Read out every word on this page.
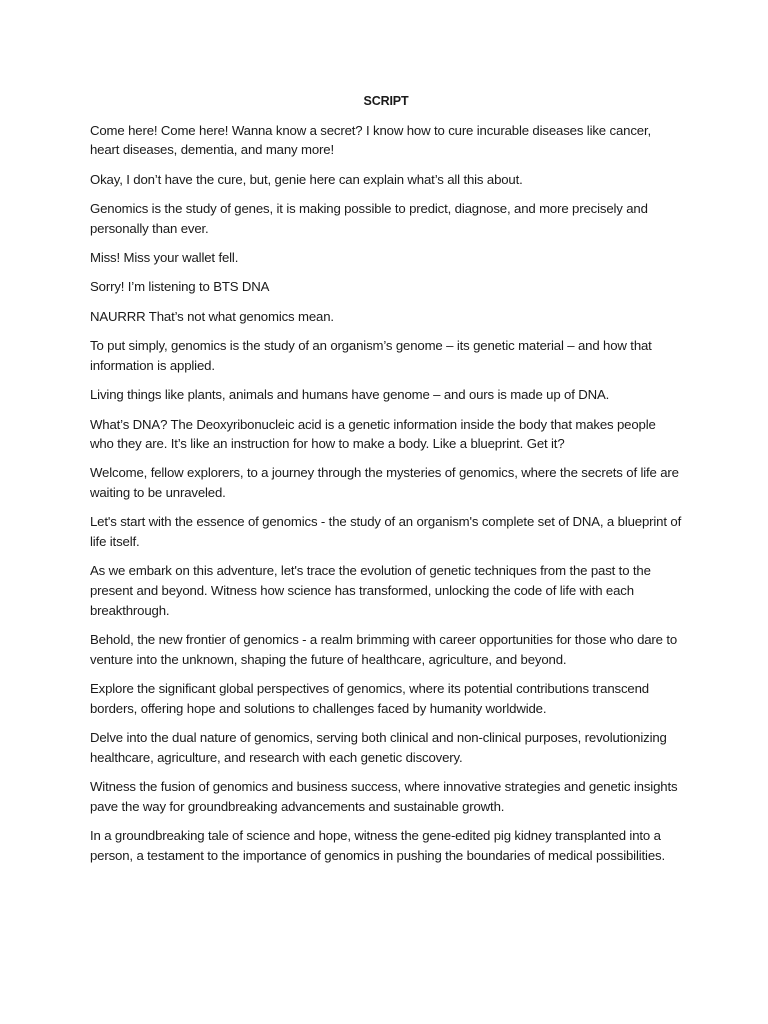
SCRIPT

Come here! Come here! Wanna know a secret? I know how to cure incurable diseases like cancer, heart diseases, dementia, and many more!

Okay, I don’t have the cure, but, genie here can explain what’s all this about.

Genomics is the study of genes, it is making possible to predict, diagnose, and more precisely and personally than ever.

Miss! Miss your wallet fell.

Sorry! I’m listening to BTS DNA

NAURRR That’s not what genomics mean.

To put simply, genomics is the study of an organism’s genome – its genetic material – and how that information is applied.

Living things like plants, animals and humans have genome – and ours is made up of DNA.

What’s DNA? The Deoxyribonucleic acid is a genetic information inside the body that makes people who they are. It’s like an instruction for how to make a body. Like a blueprint. Get it?

Welcome, fellow explorers, to a journey through the mysteries of genomics, where the secrets of life are waiting to be unraveled.

Let's start with the essence of genomics - the study of an organism's complete set of DNA, a blueprint of life itself.

As we embark on this adventure, let's trace the evolution of genetic techniques from the past to the present and beyond. Witness how science has transformed, unlocking the code of life with each breakthrough.

Behold, the new frontier of genomics - a realm brimming with career opportunities for those who dare to venture into the unknown, shaping the future of healthcare, agriculture, and beyond.

Explore the significant global perspectives of genomics, where its potential contributions transcend borders, offering hope and solutions to challenges faced by humanity worldwide.

Delve into the dual nature of genomics, serving both clinical and non-clinical purposes, revolutionizing healthcare, agriculture, and research with each genetic discovery.

Witness the fusion of genomics and business success, where innovative strategies and genetic insights pave the way for groundbreaking advancements and sustainable growth.

In a groundbreaking tale of science and hope, witness the gene-edited pig kidney transplanted into a person, a testament to the importance of genomics in pushing the boundaries of medical possibilities.
